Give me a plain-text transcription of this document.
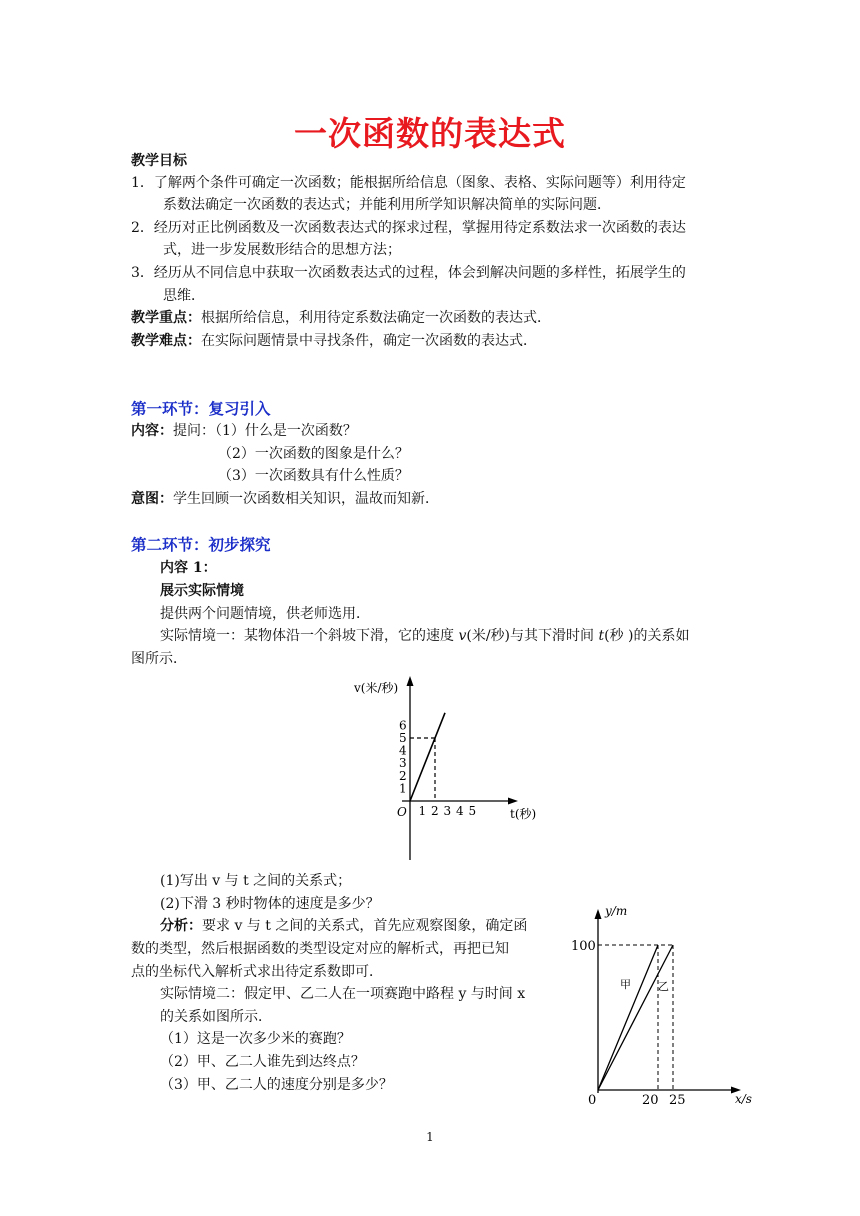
一次函数的表达式
教学目标
1．了解两个条件可确定一次函数；能根据所给信息（图象、表格、实际问题等）利用待定
系数法确定一次函数的表达式；并能利用所学知识解决简单的实际问题．
2．经历对正比例函数及一次函数表达式的探求过程，掌握用待定系数法求一次函数的表达
式，进一步发展数形结合的思想方法；
3．经历从不同信息中获取一次函数表达式的过程，体会到解决问题的多样性，拓展学生的
思维．
教学重点：根据所给信息，利用待定系数法确定一次函数的表达式．
教学难点：在实际问题情景中寻找条件，确定一次函数的表达式．
第一环节：复习引入
内容：提问：（1）什么是一次函数？
（2）一次函数的图象是什么？
（3）一次函数具有什么性质？
意图：学生回顾一次函数相关知识，温故而知新．
第二环节：初步探究
内容 1：
展示实际情境
提供两个问题情境，供老师选用．
实际情境一：某物体沿一个斜坡下滑，它的速度 v(米/秒)与其下滑时间 t(秒 )的关系如
图所示．
1
2
3
4
5
6
1 2 3 4 5
v(米/秒)
t(秒)
O
(1)写出 v 与 t 之间的关系式；
(2)下滑 3 秒时物体的速度是多少？
分析：要求 v 与 t 之间的关系式，首先应观察图象，确定函
数的类型，然后根据函数的类型设定对应的解析式，再把已知
点的坐标代入解析式求出待定系数即可．
实际情境二：假定甲、乙二人在一项赛跑中路程 y 与时间 x
的关系如图所示．
（1）这是一次多少米的赛跑？
（2）甲、乙二人谁先到达终点？
（3）甲、乙二人的速度分别是多少？
y/m
x/s
0
100
20 25
甲 乙
1
